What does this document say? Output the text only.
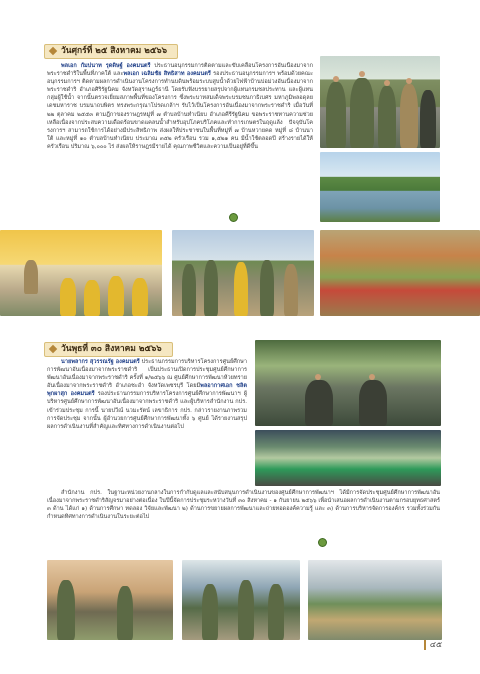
วันศุกร์ที่ ๒๕ สิงหาคม ๒๕๖๖
พลเอก กัมปนาท รุดดิษฐ์ องคมนตรี ประธานอนุกรรมการติดตามและขับเคลื่อนโครงการอันเนื่องมาจากพระราชดำริในพื้นที่ภาคใต้ และพลเอก เฉลิมชัย สิทธิสาท องคมนตรี รองประธานอนุกรรมการฯ พร้อมด้วยคณะอนุกรรมการฯ ติดตามผลการดำเนินงานโครงการทำนบดินพร้อมระบบสูบน้ำด้วยไฟฟ้าบ้านบ่อม่วงอันเนื่องมาจากพระราชดำริ อำเภอศิริรัฐนิคม จังหวัดสุราษฎร์ธานี โดยรับฟังบรรยายสรุปจากผู้แทนกรมชลประทาน และผู้แทนกลุ่มผู้ใช้น้ำ จากนั้นตรวจเยี่ยมสภาพพื้นที่ของโครงการ ซึ่งพระบาทสมเด็จพระบรมชนกาธิเบศร มหาภูมิพลอดุลยเดชมหาราช บรมนาถบพิตร ทรงพระกรุณาโปรดเกล้าฯ รับไว้เป็นโครงการอันเนื่องมาจากพระราชดำริ เมื่อวันที่ ๒๒ ตุลาคม ๒๕๕๓ ตามฎีกาของราษฎรหมู่ที่ ๗ ตำบลบ้านทำเนียบ อำเภอคีรีรัฐนิคม ขอพระราชทานความช่วยเหลือเนื่องจากประสบความเดือดร้อนขาดแคลนน้ำสำหรับอุปโภคบริโภคและทำการเกษตรในฤดูแล้ง ปัจจุบันโครงการฯ สามารถใช้การได้อย่างมีประสิทธิภาพ ส่งผลให้ประชาชนในพื้นที่หมู่ที่ ๗ บ้านหวายคด หมู่ที่ ๘ บ้านนาใต้ และหมู่ที่ ๑๐ ตำบลบ้านทำเนียบ ประมาณ ๓๕๒ ครัวเรือน รวม ๑,๕๒๑ คน มีน้ำใช้ตลอดปี สร้างรายได้ให้ครัวเรือน ปริมาณ ๖,๐๐๐ ไร่ ส่งผลให้ราษฎรมีรายได้ คุณภาพชีวิตและความเป็นอยู่ที่ดีขึ้น
วันพุธที่ ๓๐ สิงหาคม ๒๕๖๖
นายพลากร สุวรรณรัฐ องคมนตรี ประธานกรรมการบริหารโครงการศูนย์ศึกษาการพัฒนาอันเนื่องมาจากพระราชดำริ เป็นประธานเปิดการประชุมศูนย์ศึกษาการพัฒนาอันเนื่องมาจากพระราชดำริ ครั้งที่ ๑/๒๕๖๖ ณ ศูนย์ศึกษาการพัฒนาห้วยทรายอันเนื่องมาจากพระราชดำริ อำเภอชะอำ จังหวัดเพชรบุรี โดยมีพลอากาศเอก ชลิต พุกผาสุก องคมนตรี รองประธานกรรมการบริหารโครงการศูนย์ศึกษาการพัฒนาฯ ผู้บริหารศูนย์ศึกษาการพัฒนาอันเนื่องมาจากพระราชดำริ และผู้บริหารสำนักงาน กปร. เข้าร่วมประชุม การนี้ นายปวีณ์ นวมะรัตน์ เลขาธิการ กปร. กล่าวรายงานภาพรวมการจัดประชุม จากนั้น ผู้อำนวยการศูนย์ศึกษาการพัฒนาทั้ง ๖ ศูนย์ ได้รายงานสรุปผลการดำเนินงานที่สำคัญและทิศทางการดำเนินงานต่อไป
สำนักงาน กปร. ในฐานะหน่วยงานกลางในการกำกับดูแลและสนับสนุนการดำเนินงานของศูนย์ศึกษาการพัฒนาฯ ได้มีการจัดประชุมศูนย์ศึกษาการพัฒนาอันเนื่องมาจากพระราชดำริสัญจรมาอย่างต่อเนื่อง ในปีนี้จัดการประชุมระหว่างวันที่ ๓๐ สิงหาคม - ๑ กันยายน ๒๕๖๖ เพื่อนำเสนอผลการดำเนินงานตามกรอบยุทธศาสตร์ ๓ ด้าน ได้แก่ ๑) ด้านการศึกษา ทดลอง วิจัยและพัฒนา ๒) ด้านการขยายผลการพัฒนาและถ่ายทอดองค์ความรู้ และ ๓) ด้านการบริหารจัดการองค์กร รวมทั้งร่วมกันกำหนดทิศทางการดำเนินงานในระยะต่อไป
๔๕
